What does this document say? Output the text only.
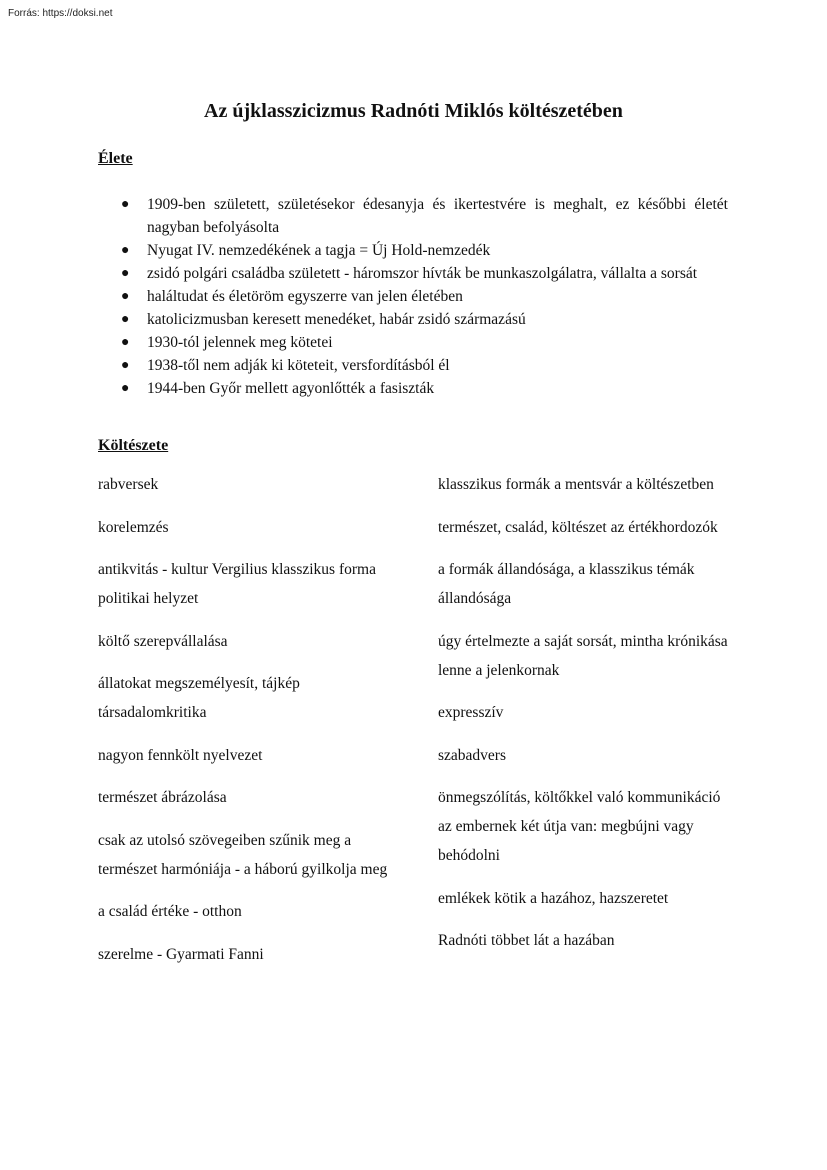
Forrás: https://doksi.net
Az újklasszicizmus Radnóti Miklós költészetében
Élete
● 1909-ben született, születésekor édesanyja és ikertestvére is meghalt, ez későbbi életét nagyban befolyásolta
● Nyugat IV. nemzedékének a tagja = Új Hold-nemzedék
● zsidó polgári családba született - háromszor hívták be munkaszolgálatra, vállalta a sorsát
● haláltudat és életöröm egyszerre van jelen életében
● katolicizmusban keresett menedéket, habár zsidó származású
● 1930-tól jelennek meg kötetei
● 1938-től nem adják ki köteteit, versfordításból él
● 1944-ben Győr mellett agyonlőtték a fasiszták
Költészete
rabversek
korelemzés
antikvitás - kultur Vergilius klasszikus forma politikai helyzet
költő szerepvállalása
állatokat megszemélyesít, tájkép társadalomkritika
nagyon fennkölt nyelvezet
természet ábrázolása
csak az utolsó szövegeiben szűnik meg a természet harmóniája - a háború gyilkolja meg
a család értéke - otthon
szerelme - Gyarmati Fanni
klasszikus formák a mentsvár a költészetben
természet, család, költészet az értékhordozók
a formák állandósága, a klasszikus témák állandósága
úgy értelmezte a saját sorsát, mintha krónikása lenne a jelenkornak
expresszív
szabadvers
önmegszólítás, költőkkel való kommunikáció az embernek két útja van: megbújni vagy behódolni
emlékek kötik a hazához, hazszeretet
Radnóti többet lát a hazában
